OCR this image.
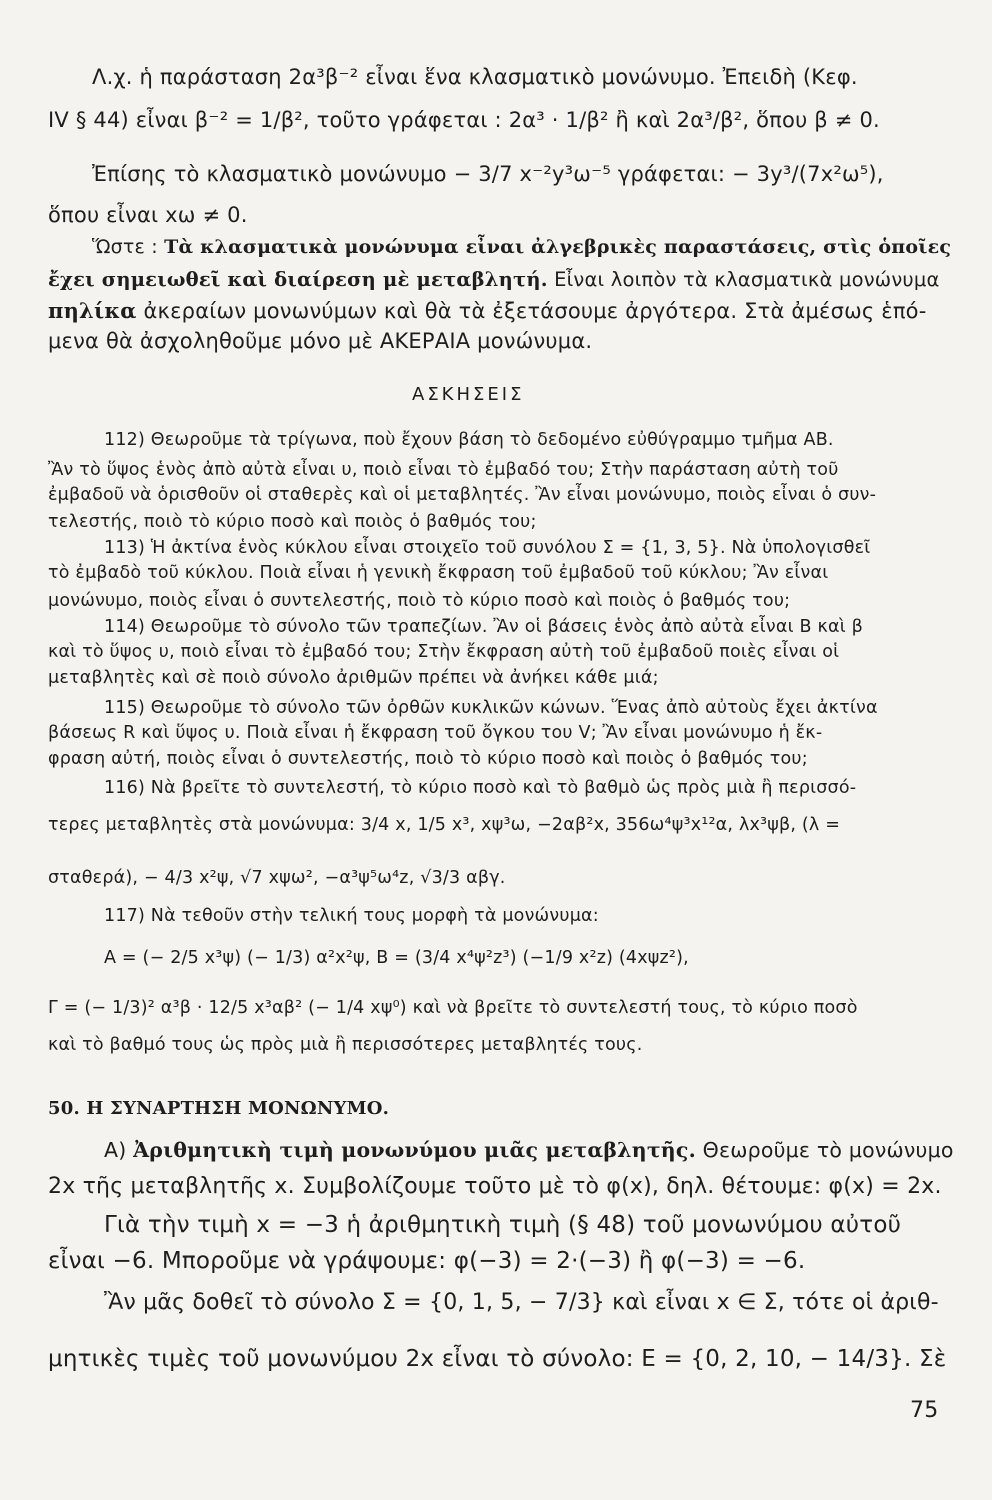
Λ.χ. ἡ παράσταση 2α³β⁻² εἶναι ἕνα κλασματικὸ μονώνυμο. Ἐπειδὴ (Κεφ.
IV § 44) εἶναι β⁻² = 1/β², τοῦτο γράφεται : 2α³ · 1/β² ἢ καὶ 2α³/β², ὅπου β ≠ 0.
Ἐπίσης τὸ κλασματικὸ μονώνυμο − 3/7 x⁻²y³ω⁻⁵ γράφεται: − 3y³/(7x²ω⁵),
ὅπου εἶναι xω ≠ 0.
Ὥστε : Τὰ κλασματικὰ μονώνυμα εἶναι ἀλγεβρικὲς παραστάσεις, στὶς ὁποῖες
ἔχει σημειωθεῖ καὶ διαίρεση μὲ μεταβλητή. Εἶναι λοιπὸν τὰ κλασματικὰ μονώνυμα
πηλίκα ἀκεραίων μονωνύμων καὶ θὰ τὰ ἐξετάσουμε ἀργότερα. Στὰ ἀμέσως ἑπό-
μενα θὰ ἀσχοληθοῦμε μόνο μὲ ΑΚΕΡΑΙΑ μονώνυμα.
ΑΣΚΗΣΕΙΣ
112) Θεωροῦμε τὰ τρίγωνα, ποὺ ἔχουν βάση τὸ δεδομένο εὐθύγραμμο τμῆμα ΑΒ.
Ἂν τὸ ὕψος ἑνὸς ἀπὸ αὐτὰ εἶναι υ, ποιὸ εἶναι τὸ ἐμβαδό του; Στὴν παράσταση αὐτὴ τοῦ
ἐμβαδοῦ νὰ ὁρισθοῦν οἱ σταθερὲς καὶ οἱ μεταβλητές. Ἂν εἶναι μονώνυμο, ποιὸς εἶναι ὁ συν-
τελεστής, ποιὸ τὸ κύριο ποσὸ καὶ ποιὸς ὁ βαθμός του;
113) Ἡ ἀκτίνα ἑνὸς κύκλου εἶναι στοιχεῖο τοῦ συνόλου Σ = {1, 3, 5}. Νὰ ὑπολογισθεῖ
τὸ ἐμβαδὸ τοῦ κύκλου. Ποιὰ εἶναι ἡ γενικὴ ἔκφραση τοῦ ἐμβαδοῦ τοῦ κύκλου; Ἂν εἶναι
μονώνυμο, ποιὸς εἶναι ὁ συντελεστής, ποιὸ τὸ κύριο ποσὸ καὶ ποιὸς ὁ βαθμός του;
114) Θεωροῦμε τὸ σύνολο τῶν τραπεζίων. Ἂν οἱ βάσεις ἑνὸς ἀπὸ αὐτὰ εἶναι Β καὶ β
καὶ τὸ ὕψος υ, ποιὸ εἶναι τὸ ἐμβαδό του; Στὴν ἔκφραση αὐτὴ τοῦ ἐμβαδοῦ ποιὲς εἶναι οἱ
μεταβλητὲς καὶ σὲ ποιὸ σύνολο ἀριθμῶν πρέπει νὰ ἀνήκει κάθε μιά;
115) Θεωροῦμε τὸ σύνολο τῶν ὀρθῶν κυκλικῶν κώνων. Ἕνας ἀπὸ αὐτοὺς ἔχει ἀκτίνα
βάσεως R καὶ ὕψος υ. Ποιὰ εἶναι ἡ ἔκφραση τοῦ ὄγκου του V; Ἂν εἶναι μονώνυμο ἡ ἔκ-
φραση αὐτή, ποιὸς εἶναι ὁ συντελεστής, ποιὸ τὸ κύριο ποσὸ καὶ ποιὸς ὁ βαθμός του;
116) Νὰ βρεῖτε τὸ συντελεστή, τὸ κύριο ποσὸ καὶ τὸ βαθμὸ ὡς πρὸς μιὰ ἢ περισσό-
τερες μεταβλητὲς στὰ μονώνυμα: 3/4 x, 1/5 x³, xψ³ω, −2αβ²x, 356ω⁴ψ³x¹²α, λx³ψβ, (λ =
σταθερά), − 4/3 x²ψ, √7 xψω², −α³ψ⁵ω⁴z, √3/3 αβγ.
117) Νὰ τεθοῦν στὴν τελική τους μορφὴ τὰ μονώνυμα:
Α = (− 2/5 x³ψ) (− 1/3) α²x²ψ, Β = (3/4 x⁴ψ²z³) (−1/9 x²z) (4xψz²),
Γ = (− 1/3)² α³β · 12/5 x³αβ² (− 1/4 xψ⁰) καὶ νὰ βρεῖτε τὸ συντελεστή τους, τὸ κύριο ποσὸ
καὶ τὸ βαθμό τους ὡς πρὸς μιὰ ἢ περισσότερες μεταβλητές τους.
50. Η ΣΥΝΑΡΤΗΣΗ ΜΟΝΩΝΥΜΟ.
Α) Ἀριθμητικὴ τιμὴ μονωνύμου μιᾶς μεταβλητῆς. Θεωροῦμε τὸ μονώνυμο
2x τῆς μεταβλητῆς x. Συμβολίζουμε τοῦτο μὲ τὸ φ(x), δηλ. θέτουμε: φ(x) = 2x.
Γιὰ τὴν τιμὴ x = −3 ἡ ἀριθμητικὴ τιμὴ (§ 48) τοῦ μονωνύμου αὐτοῦ
εἶναι −6. Μποροῦμε νὰ γράψουμε: φ(−3) = 2·(−3) ἢ φ(−3) = −6.
Ἂν μᾶς δοθεῖ τὸ σύνολο Σ = {0, 1, 5, − 7/3} καὶ εἶναι x ∈ Σ, τότε οἱ ἀριθ-
μητικὲς τιμὲς τοῦ μονωνύμου 2x εἶναι τὸ σύνολο: Ε = {0, 2, 10, − 14/3}. Σὲ
75
